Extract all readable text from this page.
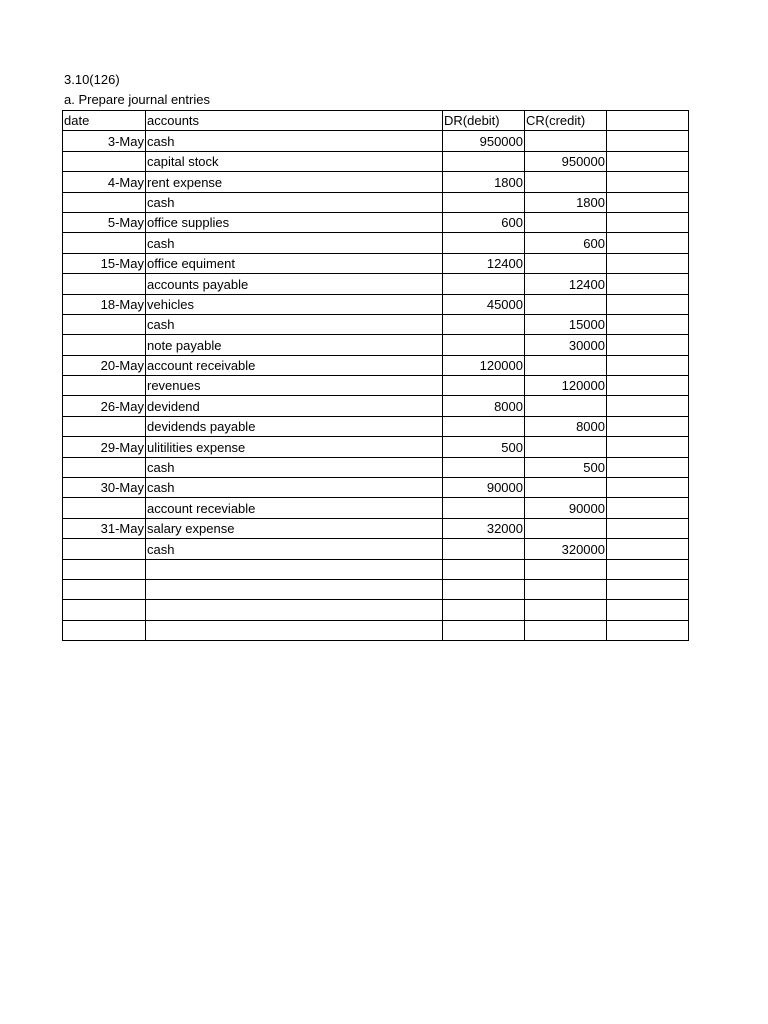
3.10(126)
a. Prepare journal entries
date	accounts	DR(debit)	CR(credit)	
3-May	cash	950000		
	capital stock		950000	
4-May	rent expense	1800		
	cash		1800	
5-May	office supplies	600		
	cash		600	
15-May	office equiment	12400		
	accounts payable		12400	
18-May	vehicles	45000		
	cash		15000	
	note payable		30000	
20-May	account receivable	120000		
	revenues		120000	
26-May	devidend	8000		
	devidends payable		8000	
29-May	ulitilities expense	500		
	cash		500	
30-May	cash	90000		
	account receviable		90000	
31-May	salary expense	32000		
	cash		320000	
